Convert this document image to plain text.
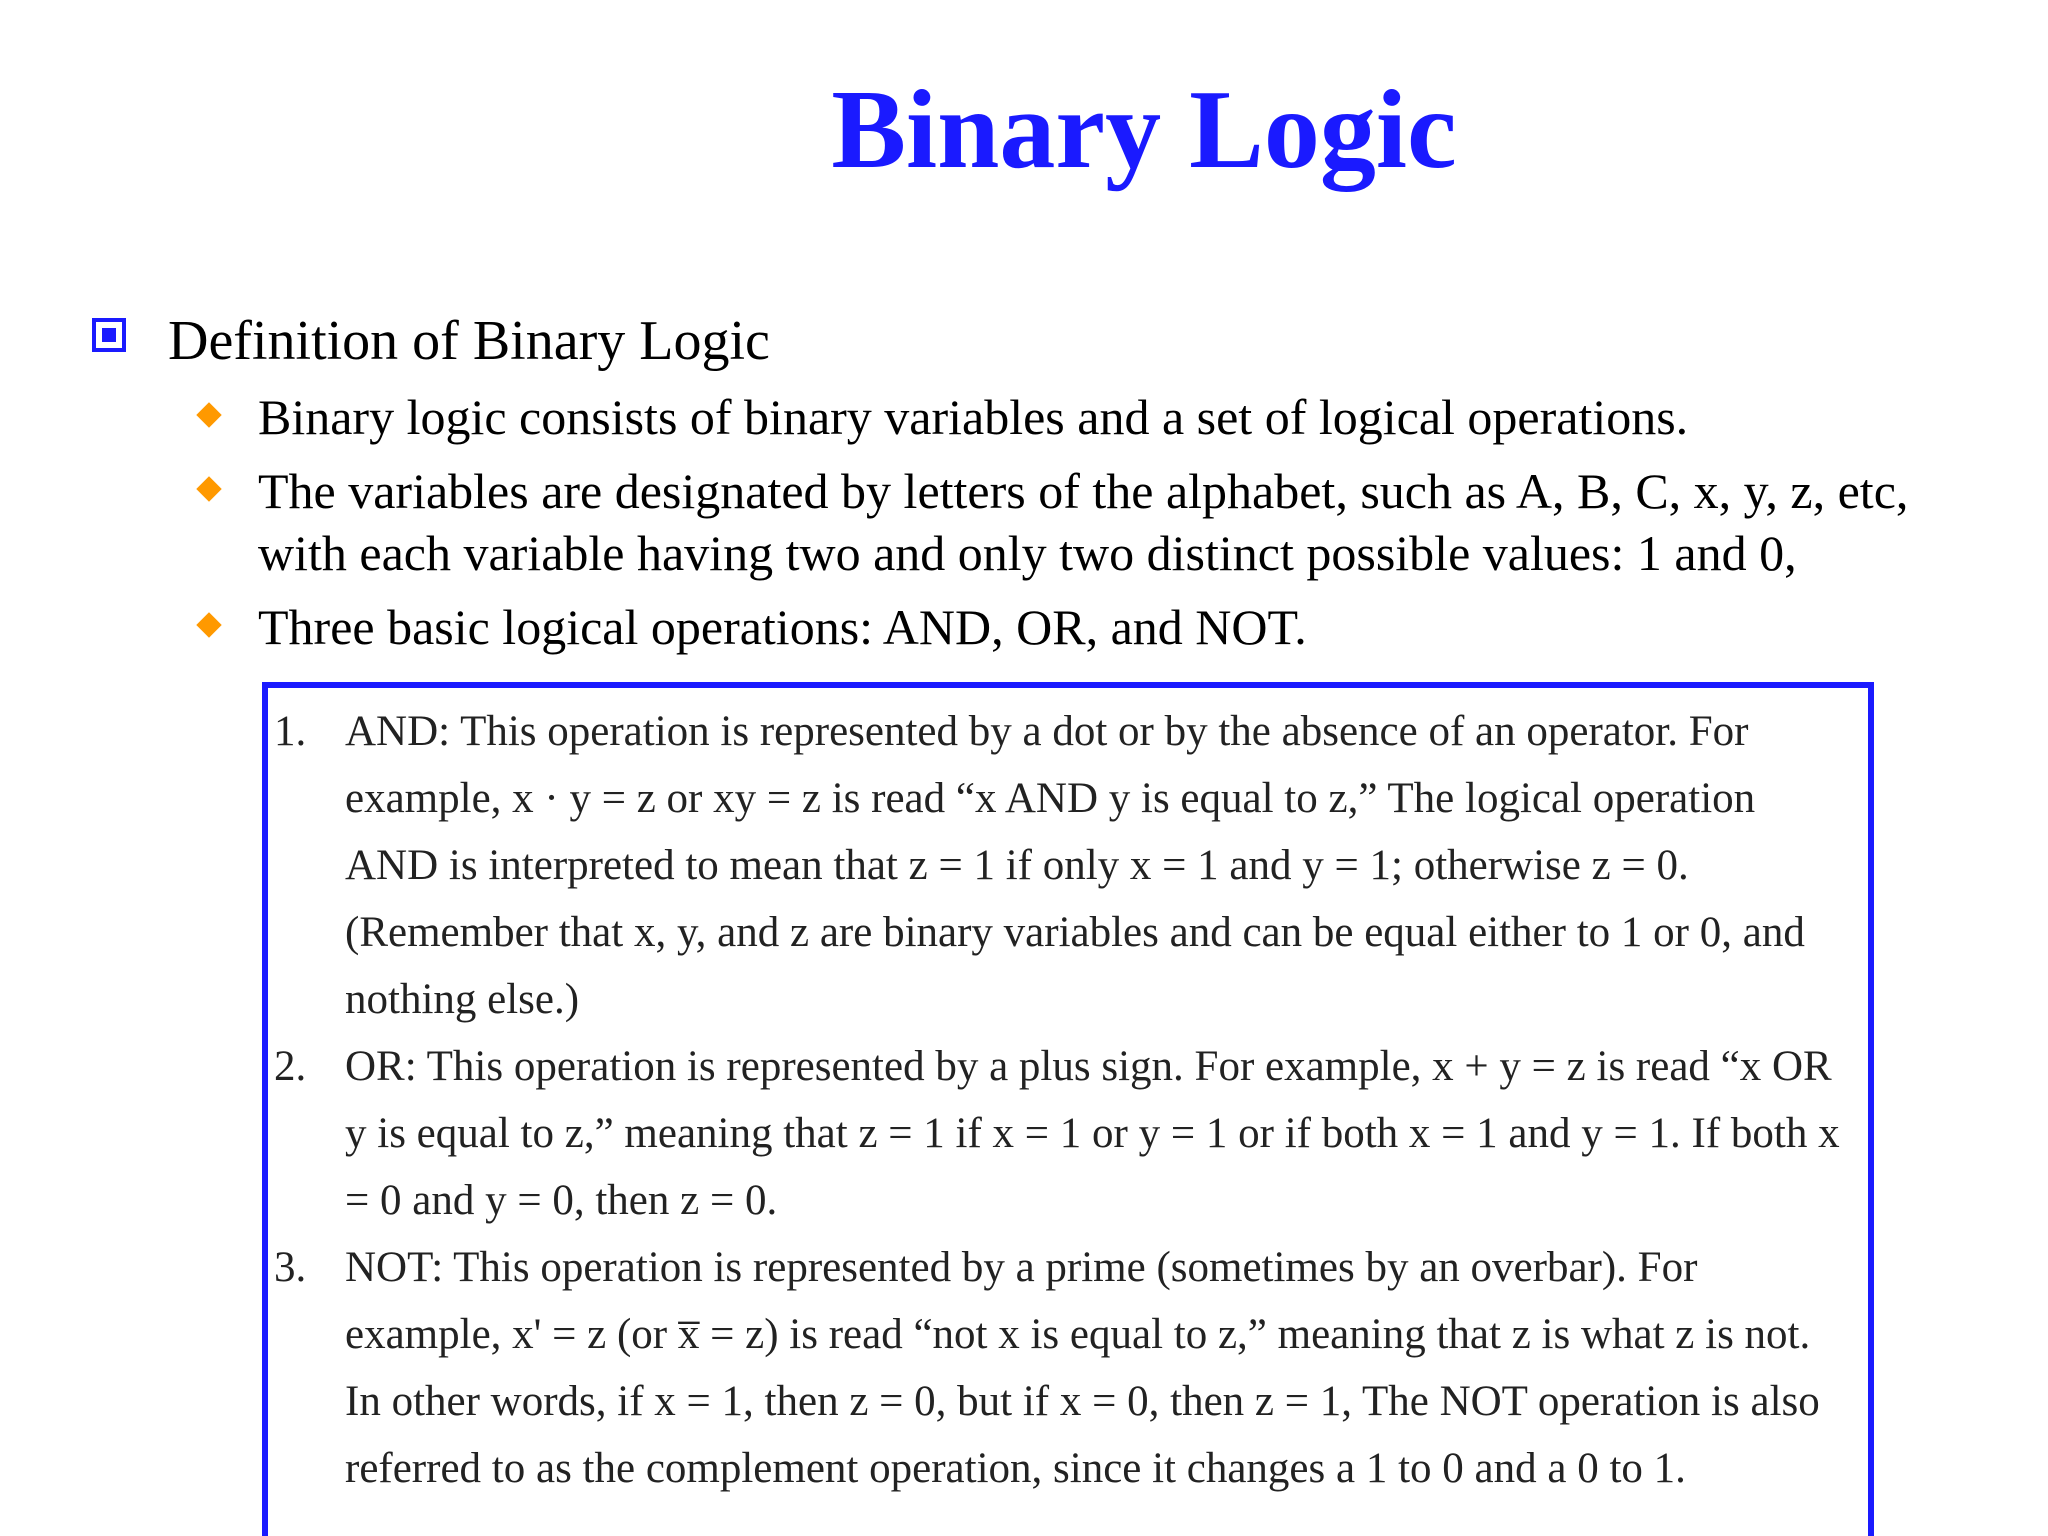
Binary Logic
Definition of Binary Logic
Binary logic consists of binary variables and a set of logical operations.
The variables are designated by letters of the alphabet, such as A, B, C, x, y, z, etc, with each variable having two and only two distinct possible values: 1 and 0,
Three basic logical operations: AND, OR, and NOT.
1. AND: This operation is represented by a dot or by the absence of an operator. For example, x · y = z or xy = z is read “x AND y is equal to z,” The logical operation AND is interpreted to mean that z = 1 if only x = 1 and y = 1; otherwise z = 0. (Remember that x, y, and z are binary variables and can be equal either to 1 or 0, and nothing else.)
2. OR: This operation is represented by a plus sign. For example, x + y = z is read “x OR y is equal to z,” meaning that z = 1 if x = 1 or y = 1 or if both x = 1 and y = 1. If both x = 0 and y = 0, then z = 0.
3. NOT: This operation is represented by a prime (sometimes by an overbar). For example, x' = z (or x̅ = z) is read “not x is equal to z,” meaning that z is what z is not. In other words, if x = 1, then z = 0, but if x = 0, then z = 1, The NOT operation is also referred to as the complement operation, since it changes a 1 to 0 and a 0 to 1.
